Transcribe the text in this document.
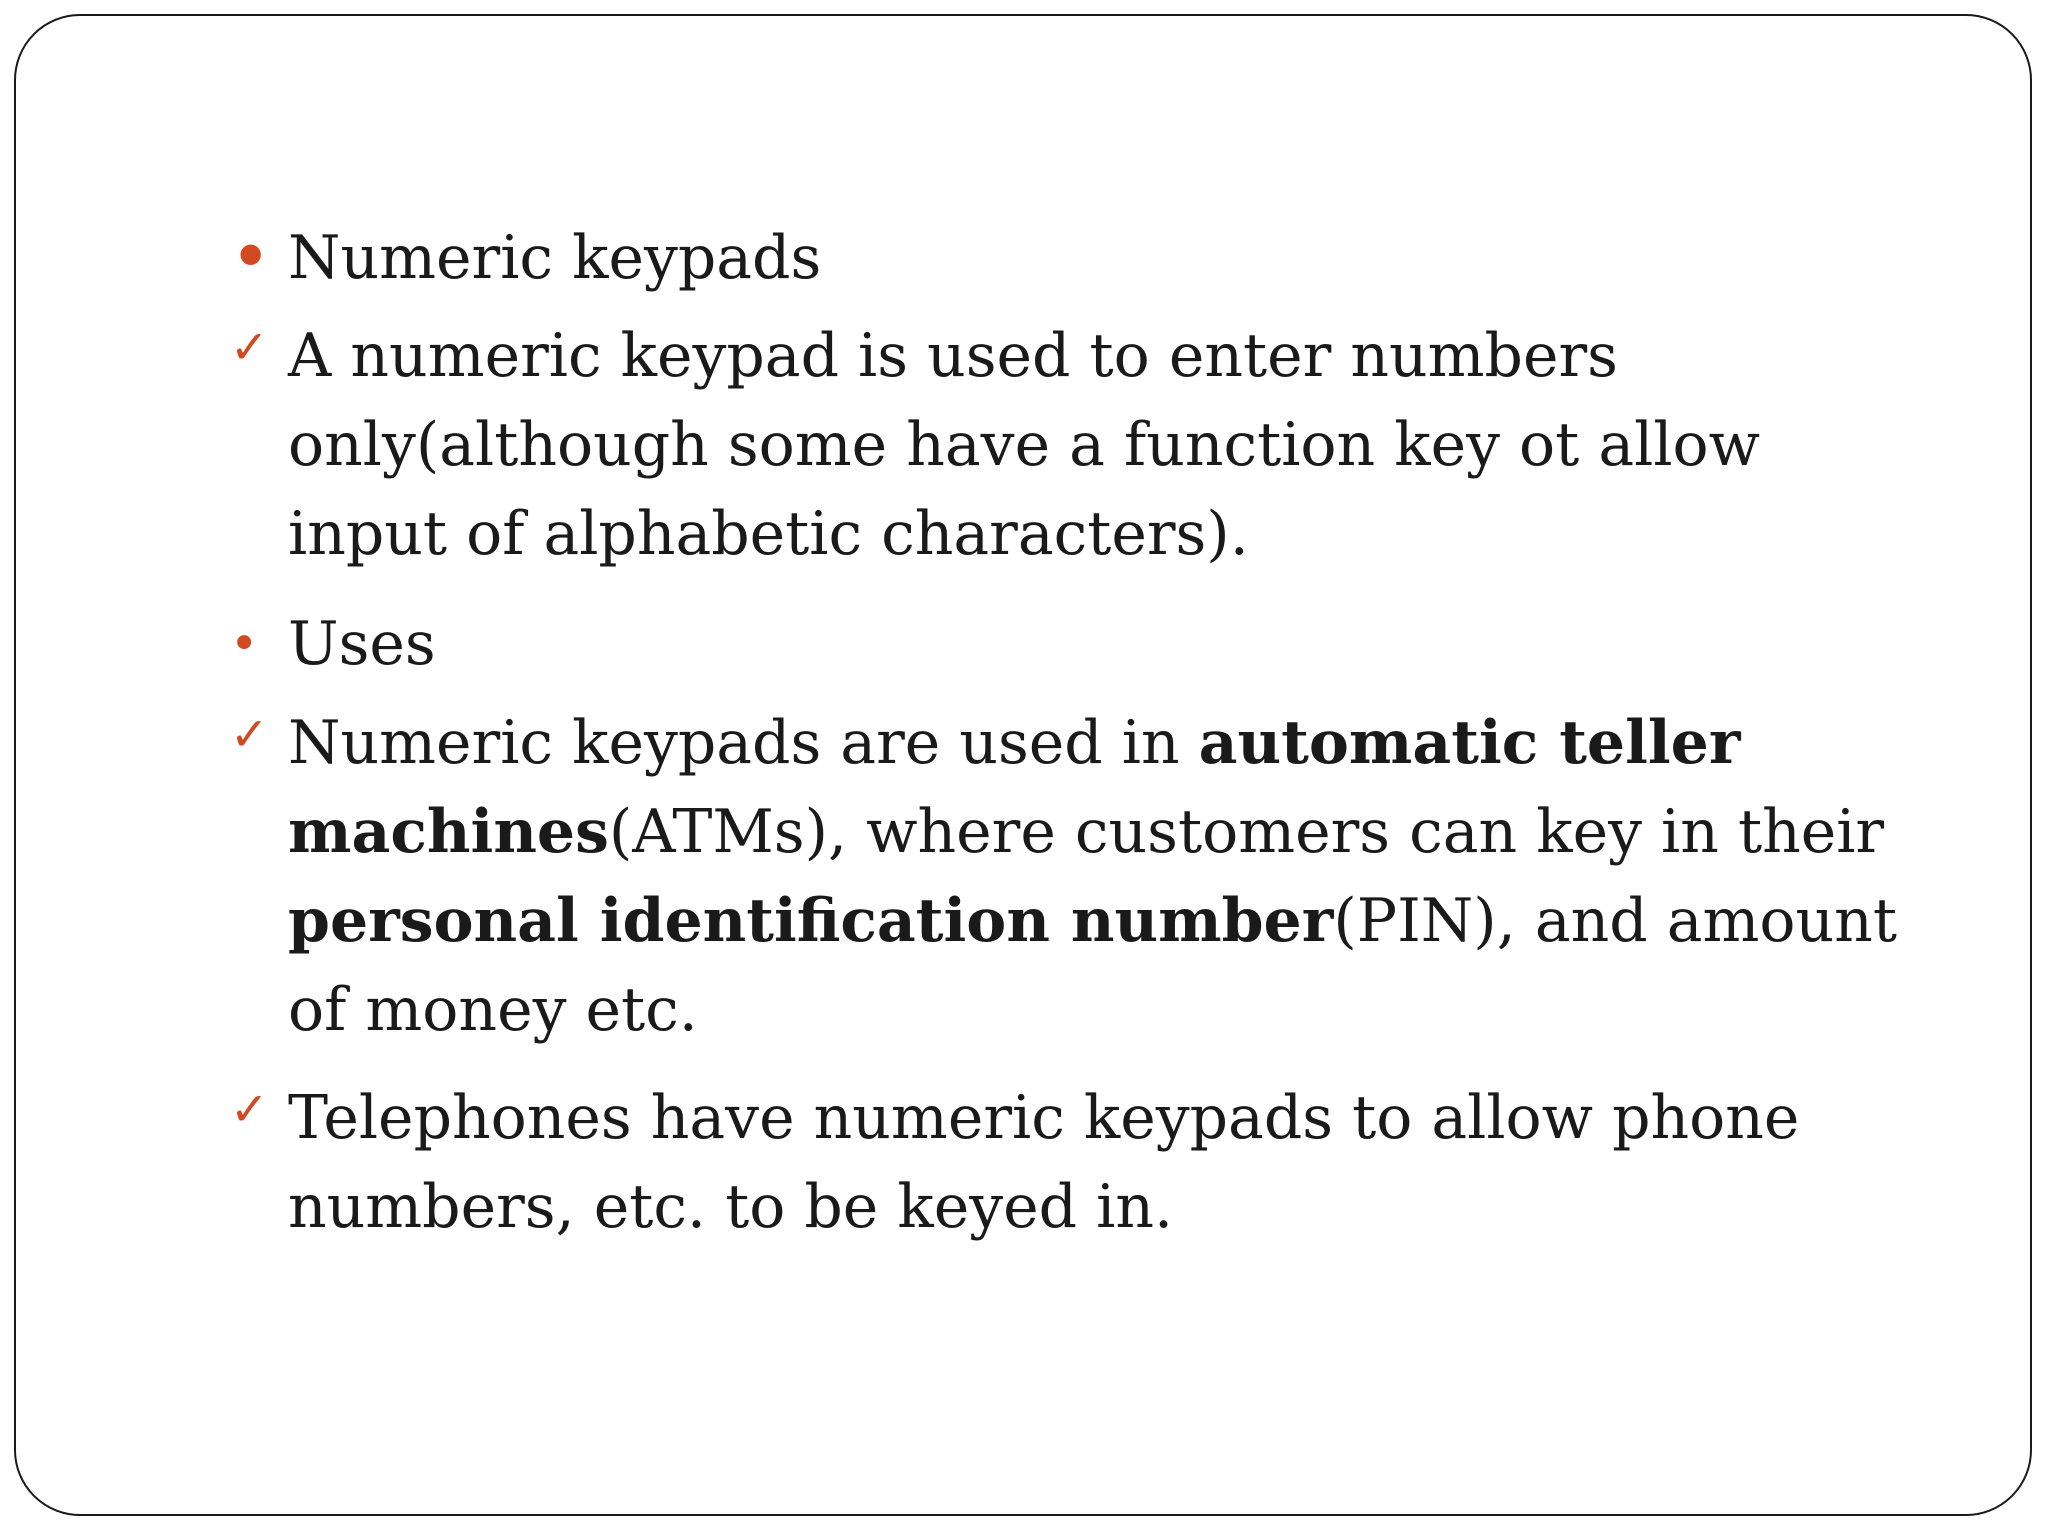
• Numeric keypads
✓ A numeric keypad is used to enter numbers only(although some have a function key ot allow input of alphabetic characters).
• Uses
✓ Numeric keypads are used in automatic teller machines(ATMs), where customers can key in their personal identification number(PIN), and amount of money etc.
✓ Telephones have numeric keypads to allow phone numbers, etc. to be keyed in.
